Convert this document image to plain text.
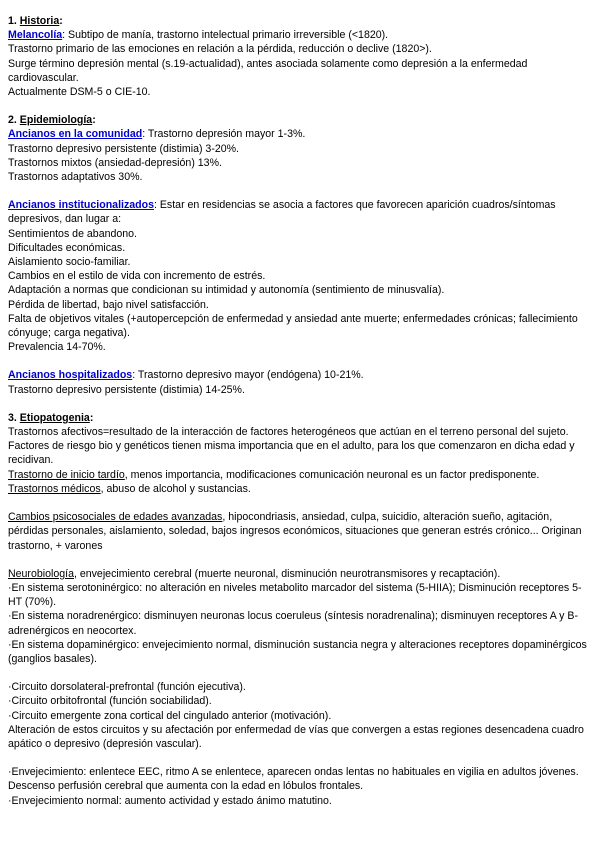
1. Historia:
Melancolía: Subtipo de manía, trastorno intelectual primario irreversible (<1820).
Trastorno primario de las emociones en relación a la pérdida, reducción o declive (1820>).
Surge término depresión mental (s.19-actualidad), antes asociada solamente como depresión a la enfermedad cardiovascular.
Actualmente DSM-5 o CIE-10.
2. Epidemiología:
Ancianos en la comunidad: Trastorno depresión mayor 1-3%.
Trastorno depresivo persistente (distimia) 3-20%.
Trastornos mixtos (ansiedad-depresión) 13%.
Trastornos adaptativos 30%.
Ancianos institucionalizados: Estar en residencias se asocia a factores que favorecen aparición cuadros/síntomas depresivos, dan lugar a:
Sentimientos de abandono.
Dificultades económicas.
Aislamiento socio-familiar.
Cambios en el estilo de vida con incremento de estrés.
Adaptación a normas que condicionan su intimidad y autonomía (sentimiento de minusvalía).
Pérdida de libertad, bajo nivel satisfacción.
Falta de objetivos vitales (+autopercepción de enfermedad y ansiedad ante muerte; enfermedades crónicas; fallecimiento cónyuge; carga negativa).
Prevalencia 14-70%.
Ancianos hospitalizados: Trastorno depresivo mayor (endógena) 10-21%.
Trastorno depresivo persistente (distimia) 14-25%.
3. Etiopatogenia:
Trastornos afectivos=resultado de la interacción de factores heterogéneos que actúan en el terreno personal del sujeto.
Factores de riesgo bio y genéticos tienen misma importancia que en el adulto, para los que comenzaron en dicha edad y recidivan.
Trastorno de inicio tardío, menos importancia, modificaciones comunicación neuronal es un factor predisponente.
Trastornos médicos, abuso de alcohol y sustancias.
Cambios psicosociales de edades avanzadas, hipocondriasis, ansiedad, culpa, suicidio, alteración sueño, agitación, pérdidas personales, aislamiento, soledad, bajos ingresos económicos, situaciones que generan estrés crónico... Originan trastorno, + varones
Neurobiología, envejecimiento cerebral (muerte neuronal, disminución neurotransmisores y recaptación).
·En sistema serotoninérgico: no alteración en niveles metabolito marcador del sistema (5-HIIA); Disminución receptores 5-HT (70%).
·En sistema noradrenérgico: disminuyen neuronas locus coeruleus (síntesis noradrenalina); disminuyen receptores A y B-adrenérgicos en neocortex.
·En sistema dopaminérgico: envejecimiento normal, disminución sustancia negra y alteraciones receptores dopaminérgicos (ganglios basales).
·Circuito dorsolateral-prefrontal (función ejecutiva).
·Circuito orbitofrontal (función sociabilidad).
·Circuito emergente zona cortical del cingulado anterior (motivación).
Alteración de estos circuitos y su afectación por enfermedad de vías que convergen a estas regiones desencadena cuadro apático o depresivo (depresión vascular).
·Envejecimiento: enlentece EEC, ritmo A se enlentece, aparecen ondas lentas no habituales en vigilia en adultos jóvenes. Descenso perfusión cerebral que aumenta con la edad en lóbulos frontales.
·Envejecimiento normal: aumento actividad y estado ánimo matutino.
